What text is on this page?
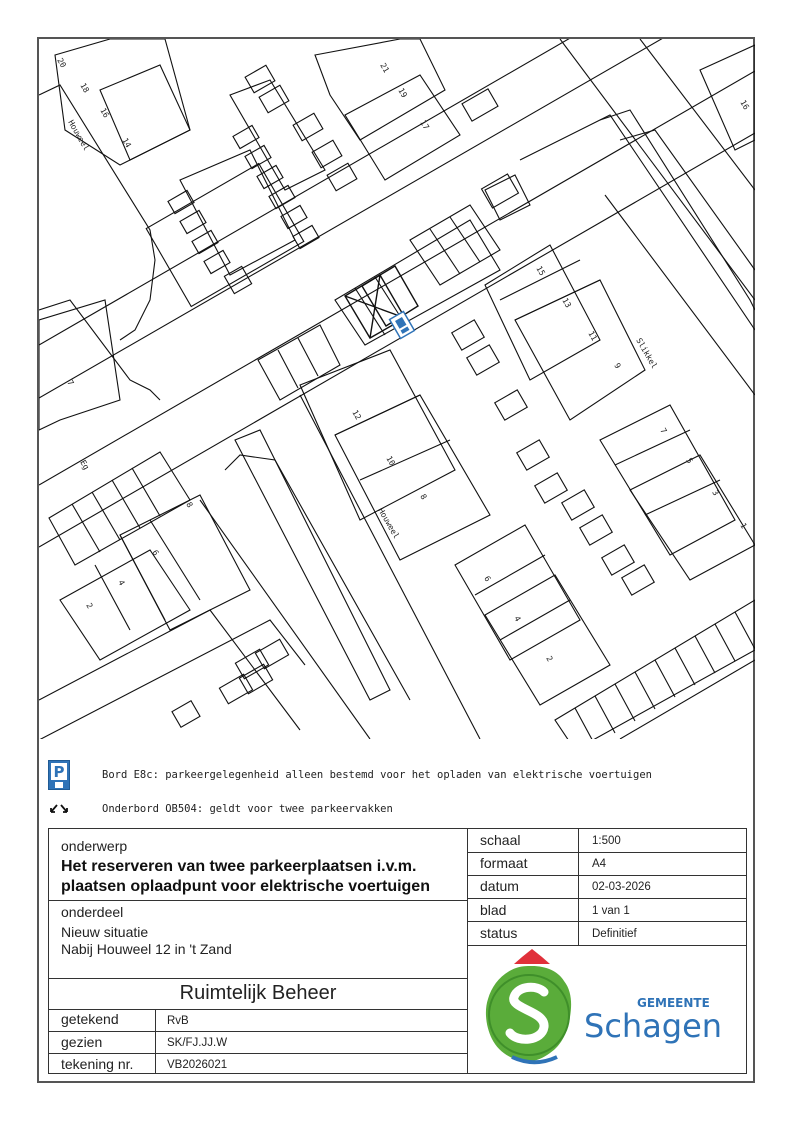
Houweel
Houweel
Eg
Slikkel
20
18
16
14
21
19
17
16
7
12
10
8
15
13
11
9
7
5
3
1
8
6
4
2
6
4
2
P	Bord E8c: parkeergelegenheid alleen bestemd voor het opladen van elektrische voertuigen
Onderbord OB504: geldt voor twee parkeervakken
onderwerp
Het reserveren van twee parkeerplaatsen i.v.m.
plaatsen oplaadpunt voor elektrische voertuigen
onderdeel
Nieuw situatie
Nabij Houweel 12 in 't Zand
Ruimtelijk Beheer
getekend	RvB
gezien	SK/FJ.JJ.W
tekening nr.	VB2026021
schaal	1:500
formaat	A4
datum	02-03-2026
blad	1 van 1
status	Definitief
GEMEENTE
Schagen
